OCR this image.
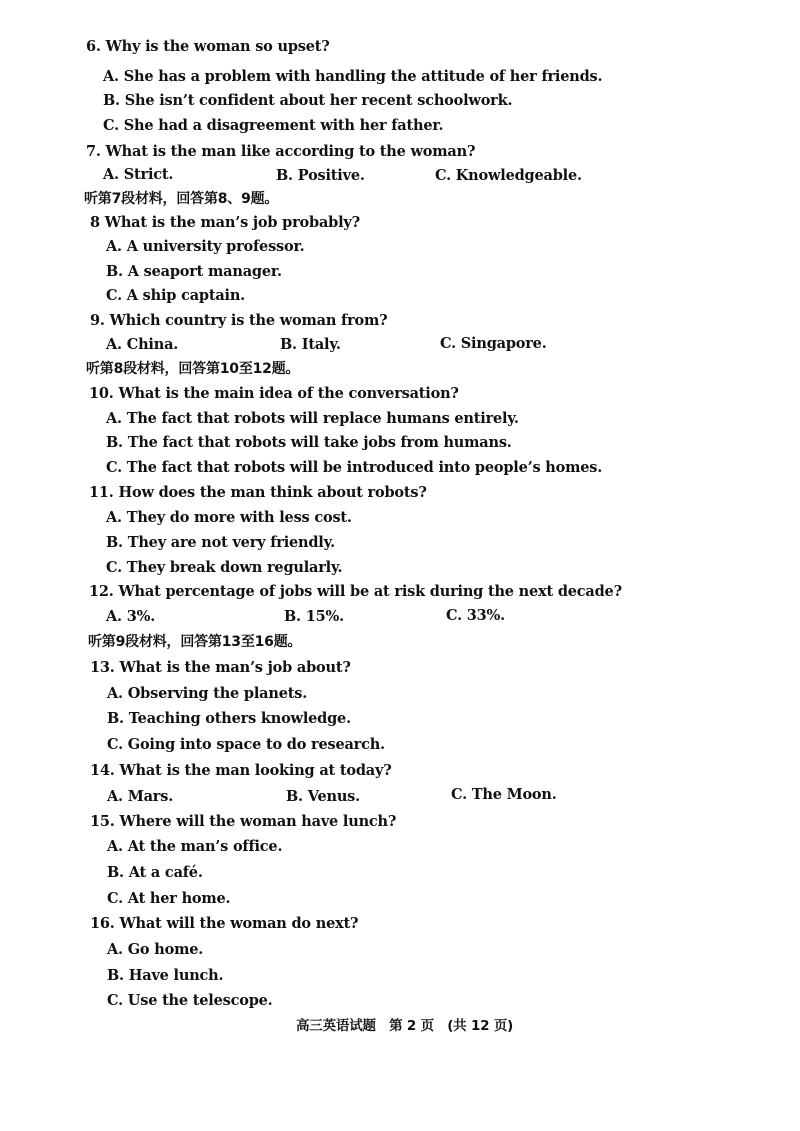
6. Why is the woman so upset?
A. She has a problem with handling the attitude of her friends.
B. She isn’t confident about her recent schoolwork.
C. She had a disagreement with her father.
7. What is the man like according to the woman?
A. Strict.	B. Positive.	C. Knowledgeable.
听第7段材料，回答第8、9题。
8 What is the man’s job probably?
A. A university professor.
B. A seaport manager.
C. A ship captain.
9. Which country is the woman from?
A. China.	B. Italy.	C. Singapore.
听第8段材料，回答第10至12题。
10. What is the main idea of the conversation?
A. The fact that robots will replace humans entirely.
B. The fact that robots will take jobs from humans.
C. The fact that robots will be introduced into people’s homes.
11. How does the man think about robots?
A. They do more with less cost.
B. They are not very friendly.
C. They break down regularly.
12. What percentage of jobs will be at risk during the next decade?
A. 3%.	B. 15%.	C. 33%.
听第9段材料，回答第13至16题。
13. What is the man’s job about?
A. Observing the planets.
B. Teaching others knowledge.
C. Going into space to do research.
14. What is the man looking at today?
A. Mars.	B. Venus.	C. The Moon.
15. Where will the woman have lunch?
A. At the man’s office.
B. At a café.
C. At her home.
16. What will the woman do next?
A. Go home.
B. Have lunch.
C. Use the telescope.
高三英语试题　第 2 页　(共 12 页)
